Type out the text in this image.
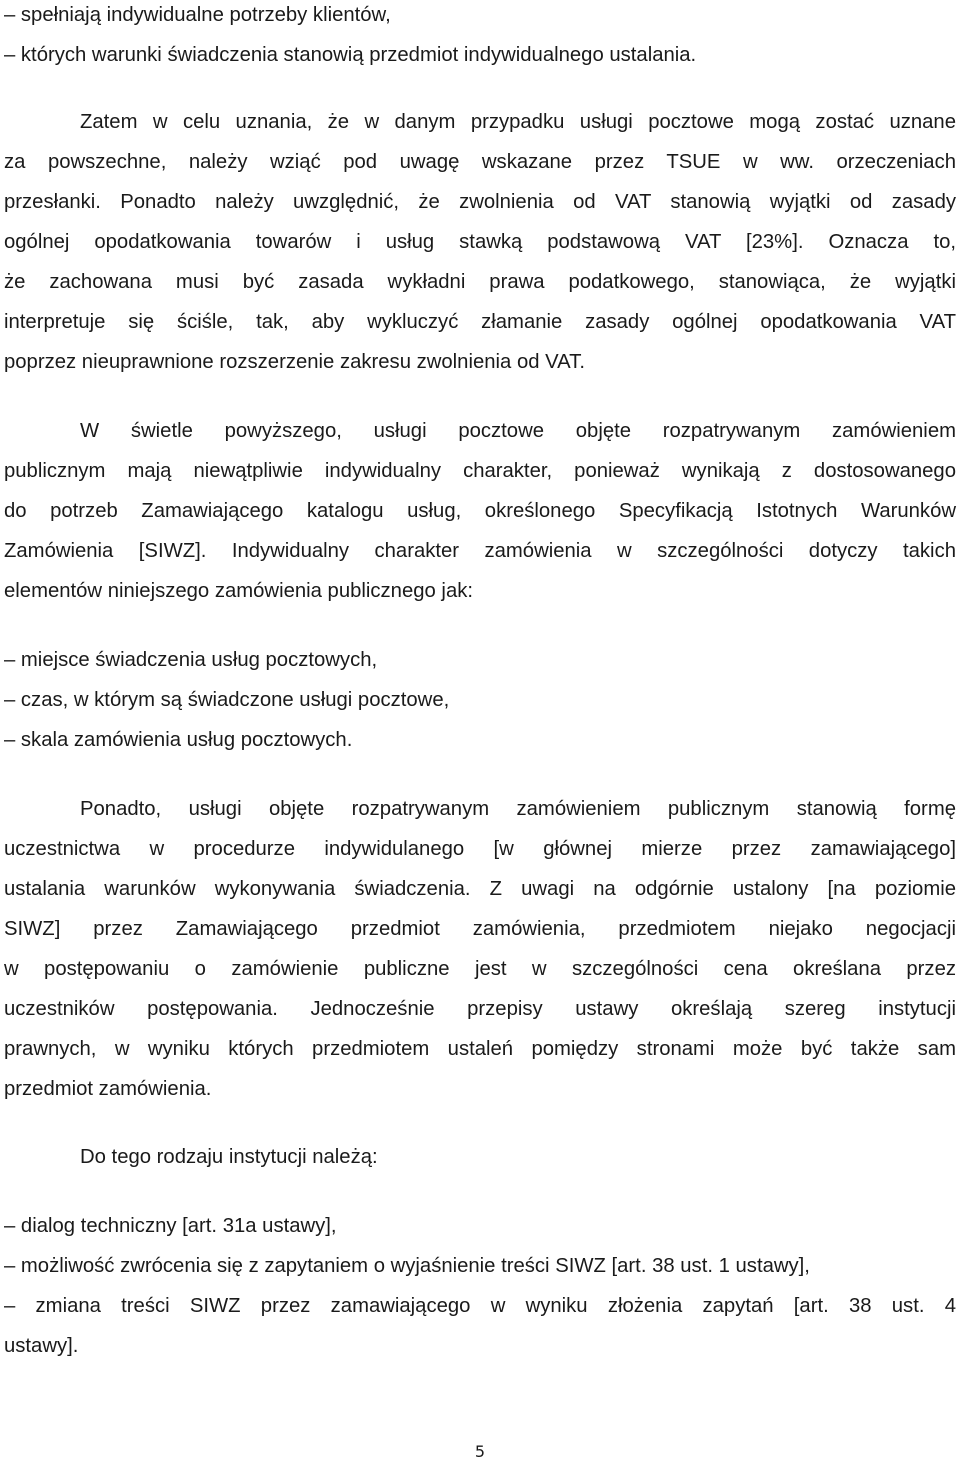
– spełniają indywidualne potrzeby klientów,
– których warunki świadczenia stanowią przedmiot indywidualnego ustalania.
Zatem w celu uznania, że w danym przypadku usługi pocztowe mogą zostać uznane
za powszechne, należy wziąć pod uwagę wskazane przez TSUE w ww. orzeczeniach
przesłanki. Ponadto należy uwzględnić, że zwolnienia od VAT stanowią wyjątki od zasady
ogólnej opodatkowania towarów i usług stawką podstawową VAT [23%]. Oznacza to,
że zachowana musi być zasada wykładni prawa podatkowego, stanowiąca, że wyjątki
interpretuje się ściśle, tak, aby wykluczyć złamanie zasady ogólnej opodatkowania VAT
poprzez nieuprawnione rozszerzenie zakresu zwolnienia od VAT.
W świetle powyższego, usługi pocztowe objęte rozpatrywanym zamówieniem
publicznym mają niewątpliwie indywidualny charakter, ponieważ wynikają z dostosowanego
do potrzeb Zamawiającego katalogu usług, określonego Specyfikacją Istotnych Warunków
Zamówienia [SIWZ]. Indywidualny charakter zamówienia w szczególności dotyczy takich
elementów niniejszego zamówienia publicznego jak:
– miejsce świadczenia usług pocztowych,
– czas, w którym są świadczone usługi pocztowe,
– skala zamówienia usług pocztowych.
Ponadto, usługi objęte rozpatrywanym zamówieniem publicznym stanowią formę
uczestnictwa w procedurze indywidulanego [w głównej mierze przez zamawiającego]
ustalania warunków wykonywania świadczenia. Z uwagi na odgórnie ustalony [na poziomie
SIWZ] przez Zamawiającego przedmiot zamówienia, przedmiotem niejako negocjacji
w postępowaniu o zamówienie publiczne jest w szczególności cena określana przez
uczestników postępowania. Jednocześnie przepisy ustawy określają szereg instytucji
prawnych, w wyniku których przedmiotem ustaleń pomiędzy stronami może być także sam
przedmiot zamówienia.
Do tego rodzaju instytucji należą:
– dialog techniczny [art. 31a ustawy],
– możliwość zwrócenia się z zapytaniem o wyjaśnienie treści SIWZ [art. 38 ust. 1 ustawy],
– zmiana treści SIWZ przez zamawiającego w wyniku złożenia zapytań [art. 38 ust. 4
ustawy].
5
